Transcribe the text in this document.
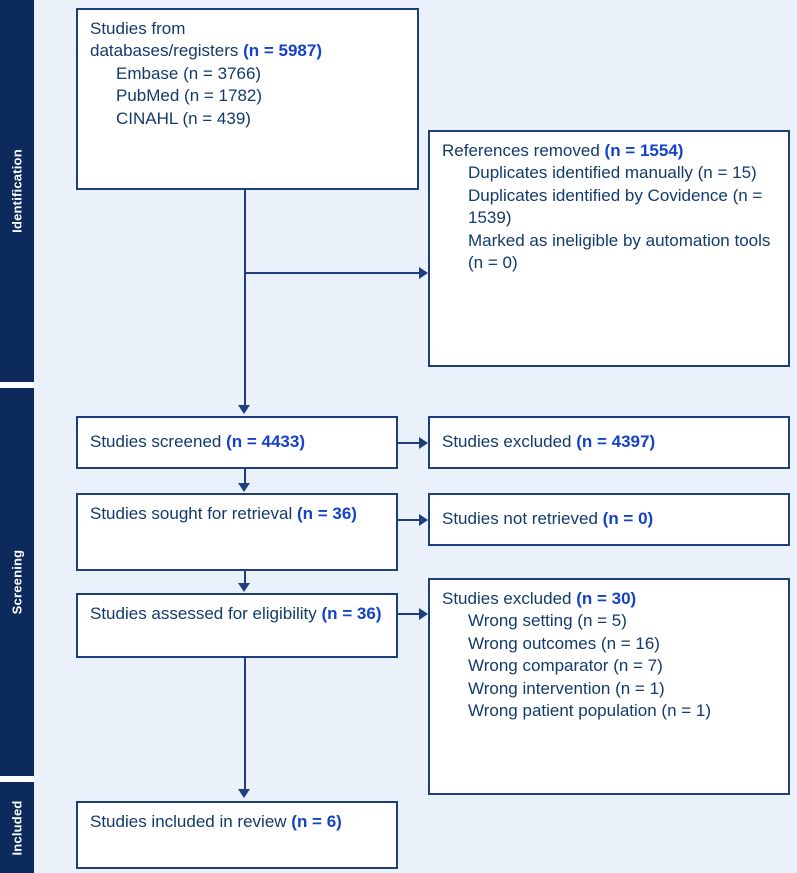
Identification
Screening
Included
Studies from
databases/registers (n = 5987)
Embase (n = 3766)
PubMed (n = 1782)
CINAHL (n = 439)
References removed (n = 1554)
Duplicates identified manually (n = 15)
Duplicates identified by Covidence (n = 1539)
Marked as ineligible by automation tools (n = 0)
Studies screened (n = 4433)	Studies excluded (n = 4397)
Studies sought for retrieval (n = 36)	Studies not retrieved (n = 0)
Studies assessed for eligibility (n = 36)
Studies excluded (n = 30)
Wrong setting (n = 5)
Wrong outcomes (n = 16)
Wrong comparator (n = 7)
Wrong intervention (n = 1)
Wrong patient population (n = 1)
Studies included in review (n = 6)
